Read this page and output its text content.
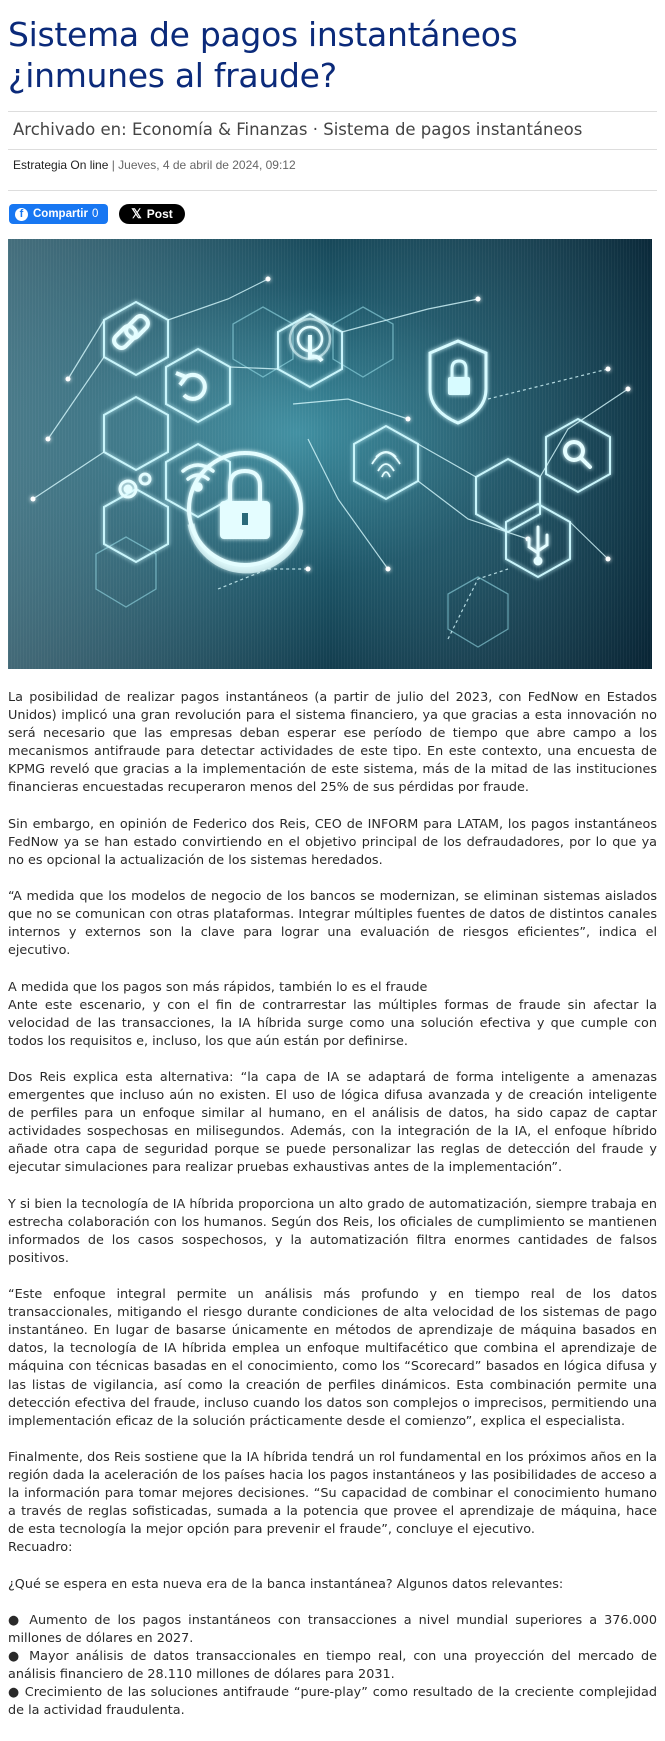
Sistema de pagos instantáneos ¿inmunes al fraude?
Archivado en: Economía & Finanzas · Sistema de pagos instantáneos
Estrategia On line | Jueves, 4 de abril de 2024, 09:12
f Compartir 0	𝕏 Post

La posibilidad de realizar pagos instantáneos (a partir de julio del 2023, con FedNow en Estados Unidos) implicó una gran revolución para el sistema financiero, ya que gracias a esta innovación no será necesario que las empresas deban esperar ese período de tiempo que abre campo a los mecanismos antifraude para detectar actividades de este tipo. En este contexto, una encuesta de KPMG reveló que gracias a la implementación de este sistema, más de la mitad de las instituciones financieras encuestadas recuperaron menos del 25% de sus pérdidas por fraude.

Sin embargo, en opinión de Federico dos Reis, CEO de INFORM para LATAM, los pagos instantáneos FedNow ya se han estado convirtiendo en el objetivo principal de los defraudadores, por lo que ya no es opcional la actualización de los sistemas heredados.

“A medida que los modelos de negocio de los bancos se modernizan, se eliminan sistemas aislados que no se comunican con otras plataformas. Integrar múltiples fuentes de datos de distintos canales internos y externos son la clave para lograr una evaluación de riesgos eficientes”, indica el ejecutivo.

A medida que los pagos son más rápidos, también lo es el fraude

Ante este escenario, y con el fin de contrarrestar las múltiples formas de fraude sin afectar la velocidad de las transacciones, la IA híbrida surge como una solución efectiva y que cumple con todos los requisitos e, incluso, los que aún están por definirse.

Dos Reis explica esta alternativa: “la capa de IA se adaptará de forma inteligente a amenazas emergentes que incluso aún no existen. El uso de lógica difusa avanzada y de creación inteligente de perfiles para un enfoque similar al humano, en el análisis de datos, ha sido capaz de captar actividades sospechosas en milisegundos. Además, con la integración de la IA, el enfoque híbrido añade otra capa de seguridad porque se puede personalizar las reglas de detección del fraude y ejecutar simulaciones para realizar pruebas exhaustivas antes de la implementación”.

Y si bien la tecnología de IA híbrida proporciona un alto grado de automatización, siempre trabaja en estrecha colaboración con los humanos. Según dos Reis, los oficiales de cumplimiento se mantienen informados de los casos sospechosos, y la automatización filtra enormes cantidades de falsos positivos.

“Este enfoque integral permite un análisis más profundo y en tiempo real de los datos transaccionales, mitigando el riesgo durante condiciones de alta velocidad de los sistemas de pago instantáneo. En lugar de basarse únicamente en métodos de aprendizaje de máquina basados en datos, la tecnología de IA híbrida emplea un enfoque multifacético que combina el aprendizaje de máquina con técnicas basadas en el conocimiento, como los “Scorecard” basados en lógica difusa y las listas de vigilancia, así como la creación de perfiles dinámicos. Esta combinación permite una detección efectiva del fraude, incluso cuando los datos son complejos o imprecisos, permitiendo una implementación eficaz de la solución prácticamente desde el comienzo”, explica el especialista.

Finalmente, dos Reis sostiene que la IA híbrida tendrá un rol fundamental en los próximos años en la región dada la aceleración de los países hacia los pagos instantáneos y las posibilidades de acceso a la información para tomar mejores decisiones. “Su capacidad de combinar el conocimiento humano a través de reglas sofisticadas, sumada a la potencia que provee el aprendizaje de máquina, hace de esta tecnología la mejor opción para prevenir el fraude”, concluye el ejecutivo.

Recuadro:

¿Qué se espera en esta nueva era de la banca instantánea? Algunos datos relevantes:

● Aumento de los pagos instantáneos con transacciones a nivel mundial superiores a 376.000 millones de dólares en 2027.
● Mayor análisis de datos transaccionales en tiempo real, con una proyección del mercado de análisis financiero de 28.110 millones de dólares para 2031.
● Crecimiento de las soluciones antifraude “pure-play” como resultado de la creciente complejidad de la actividad fraudulenta.
